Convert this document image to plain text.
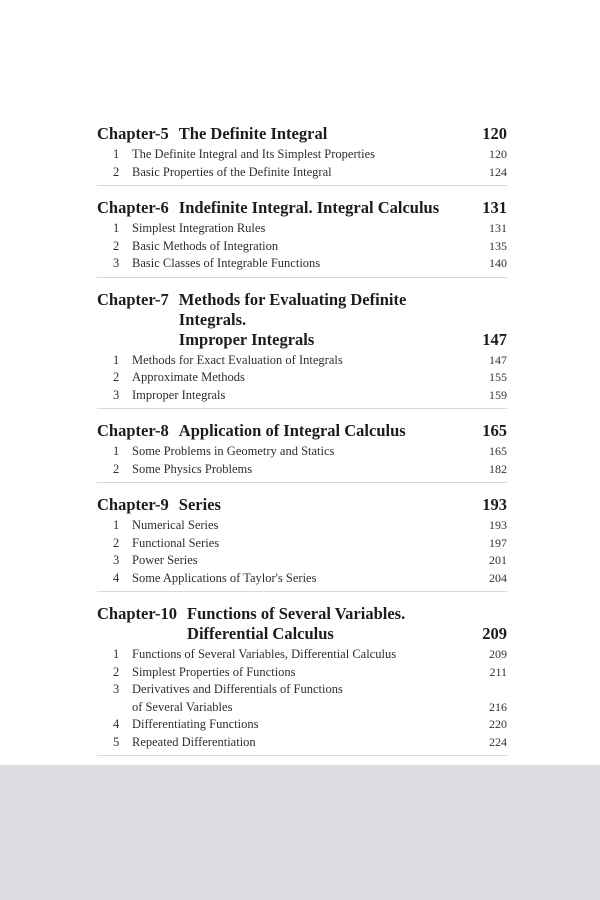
Chapter-5 The Definite Integral	120
1	The Definite Integral and Its Simplest Properties	120
2	Basic Properties of the Definite Integral	124
Chapter-6 Indefinite Integral. Integral Calculus	131
1	Simplest Integration Rules	131
2	Basic Methods of Integration	135
3	Basic Classes of Integrable Functions	140
Chapter-7 Methods for Evaluating Definite Integrals.
Improper Integrals	147
1	Methods for Exact Evaluation of Integrals	147
2	Approximate Methods	155
3	Improper Integrals	159
Chapter-8 Application of Integral Calculus	165
1	Some Problems in Geometry and Statics	165
2	Some Physics Problems	182
Chapter-9 Series	193
1	Numerical Series	193
2	Functional Series	197
3	Power Series	201
4	Some Applications of Taylor's Series	204
Chapter-10 Functions of Several Variables.
Differential Calculus	209
1	Functions of Several Variables, Differential Calculus	209
2	Simplest Properties of Functions	211
3	Derivatives and Differentials of Functions
of Several Variables	216
4	Differentiating Functions	220
5	Repeated Differentiation	224
